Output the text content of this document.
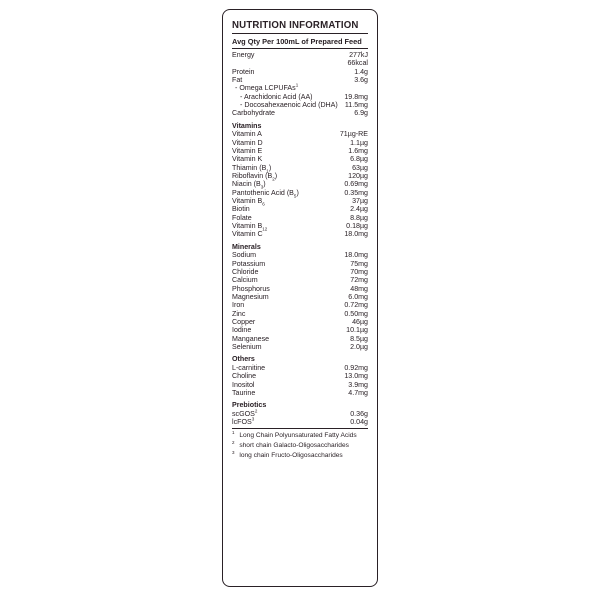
NUTRITION INFORMATION
Avg Qty Per 100mL of Prepared Feed
Energy	277kJ
66kcal
Protein	1.4g
Fat	3.6g
- Omega LCPUFAs$^1$
- Arachidonic Acid (AA)	19.8mg
- Docosahexaenoic Acid (DHA) 11.5mg
Carbohydrate	6.9g
Vitamins
Vitamin A	71µg-RE
Vitamin D	1.1µg
Vitamin E	1.6mg
Vitamin K	6.8µg
Thiamin $(B_1)$	63µg
Riboflavin $(B_2)$	120µg
Niacin $(B_3)$	0.69mg
Pantothenic Acid $(B_5)$	0.35mg
Vitamin $B_6$	37µg
Biotin	2.4µg
Folate	8.8µg
Vitamin $B_{12}$	0.18µg
Vitamin C	18.0mg
Minerals
Sodium	18.0mg
Potassium	75mg
Chloride	70mg
Calcium	72mg
Phosphorus	48mg
Magnesium	6.0mg
Iron	0.72mg
Zinc	0.50mg
Copper	46µg
Iodine	10.1µg
Manganese	8.5µg
Selenium	2.0µg
Others
L-carnitine	0.92mg
Choline	13.0mg
Inositol	3.9mg
Taurine	4.7mg
Prebiotics
scGOS$^2$	0.36g
lcFOS$^3$	0.04g
$^1$ Long Chain Polyunsaturated Fatty Acids
$^2$ short chain Galacto-Oligosaccharides
$^3$ long chain Fructo-Oligosaccharides
